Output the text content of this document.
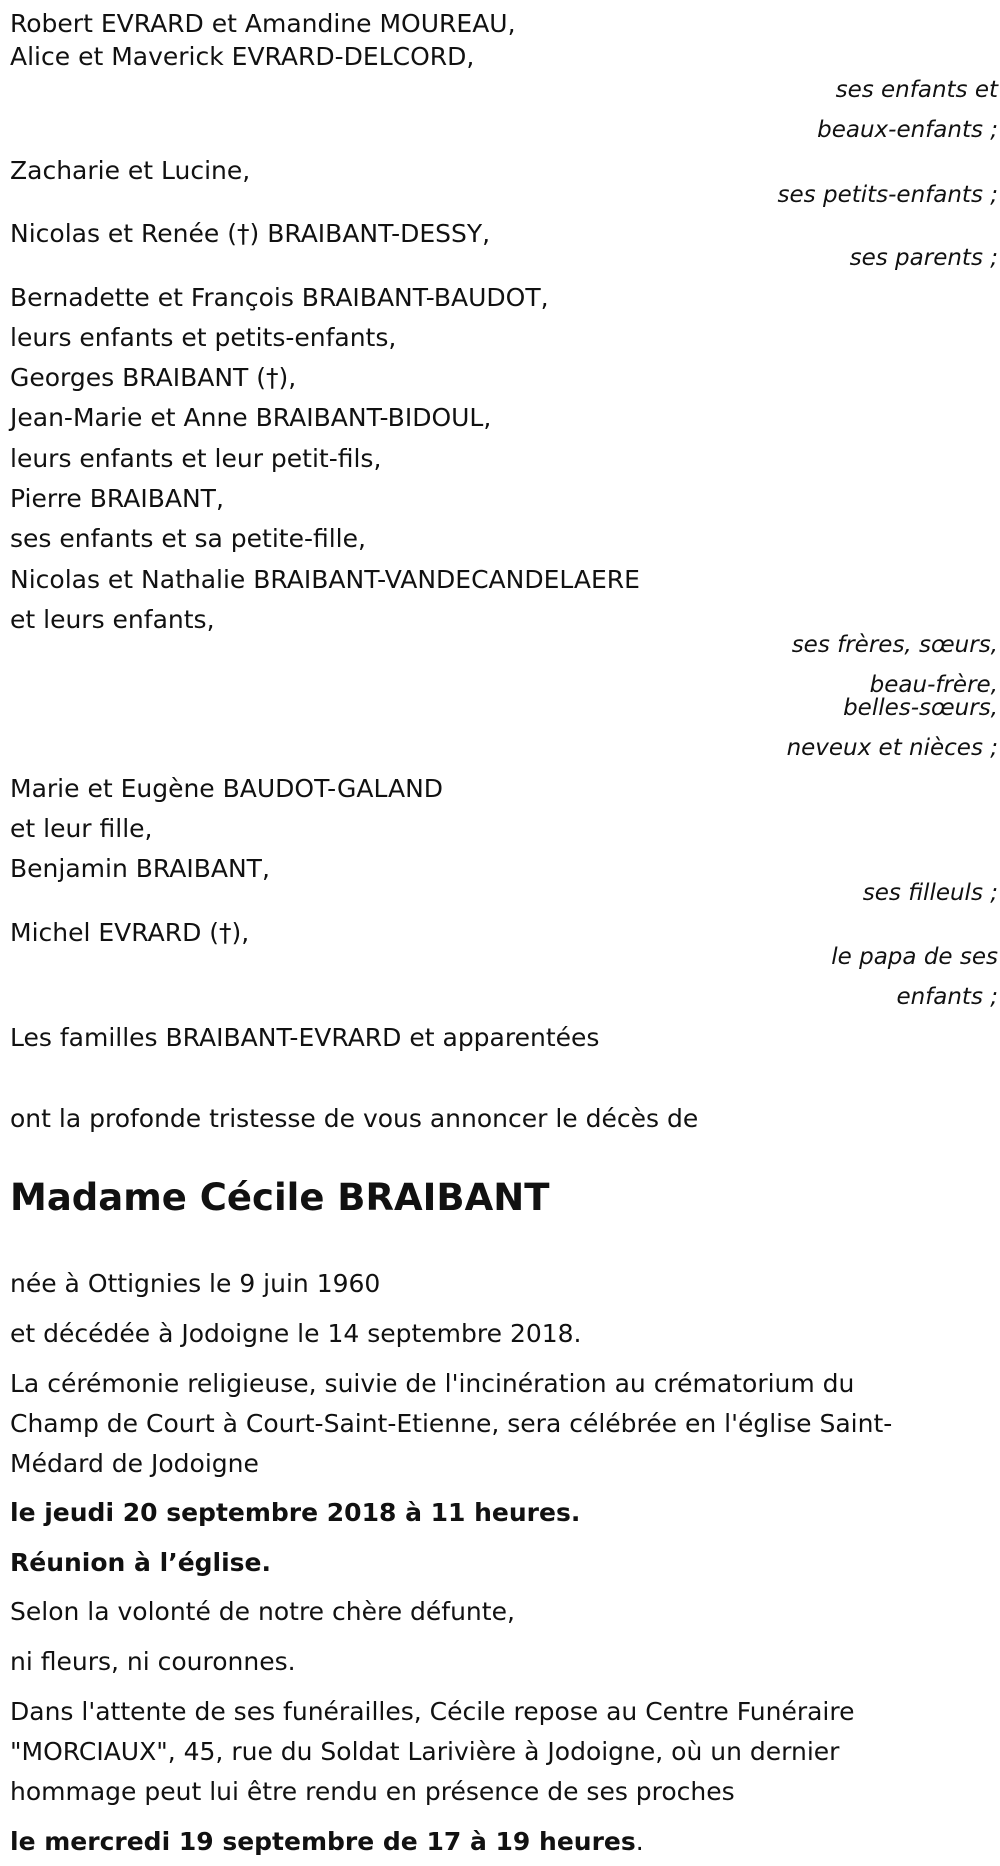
Robert EVRARD et Amandine MOUREAU,

Alice et Maverick EVRARD-DELCORD,

ses enfants et

beaux-enfants ;

Zacharie et Lucine,

ses petits-enfants ;

Nicolas et Renée (†) BRAIBANT-DESSY,

ses parents ;

Bernadette et François BRAIBANT-BAUDOT,

leurs enfants et petits-enfants,

Georges BRAIBANT (†),

Jean-Marie et Anne BRAIBANT-BIDOUL,

leurs enfants et leur petit-fils,

Pierre BRAIBANT,

ses enfants et sa petite-fille,

Nicolas et Nathalie BRAIBANT-VANDECANDELAERE

et leurs enfants,

ses frères, sœurs,

beau-frère,

belles-sœurs,

neveux et nièces ;

Marie et Eugène BAUDOT-GALAND

et leur fille,

Benjamin BRAIBANT,

ses filleuls ;

Michel EVRARD (†),

le papa de ses

enfants ;

Les familles BRAIBANT-EVRARD et apparentées

ont la profonde tristesse de vous annoncer le décès de

Madame Cécile BRAIBANT

née à Ottignies le 9 juin 1960

et décédée à Jodoigne le 14 septembre 2018.

La cérémonie religieuse, suivie de l'incinération au crématorium du

Champ de Court à Court-Saint-Etienne, sera célébrée en l'église Saint-

Médard de Jodoigne

le jeudi 20 septembre 2018 à 11 heures.

Réunion à l’église.

Selon la volonté de notre chère défunte,

ni fleurs, ni couronnes.

Dans l'attente de ses funérailles, Cécile repose au Centre Funéraire

"MORCIAUX", 45, rue du Soldat Larivière à Jodoigne, où un dernier

hommage peut lui être rendu en présence de ses proches

le mercredi 19 septembre de 17 à 19 heures.
